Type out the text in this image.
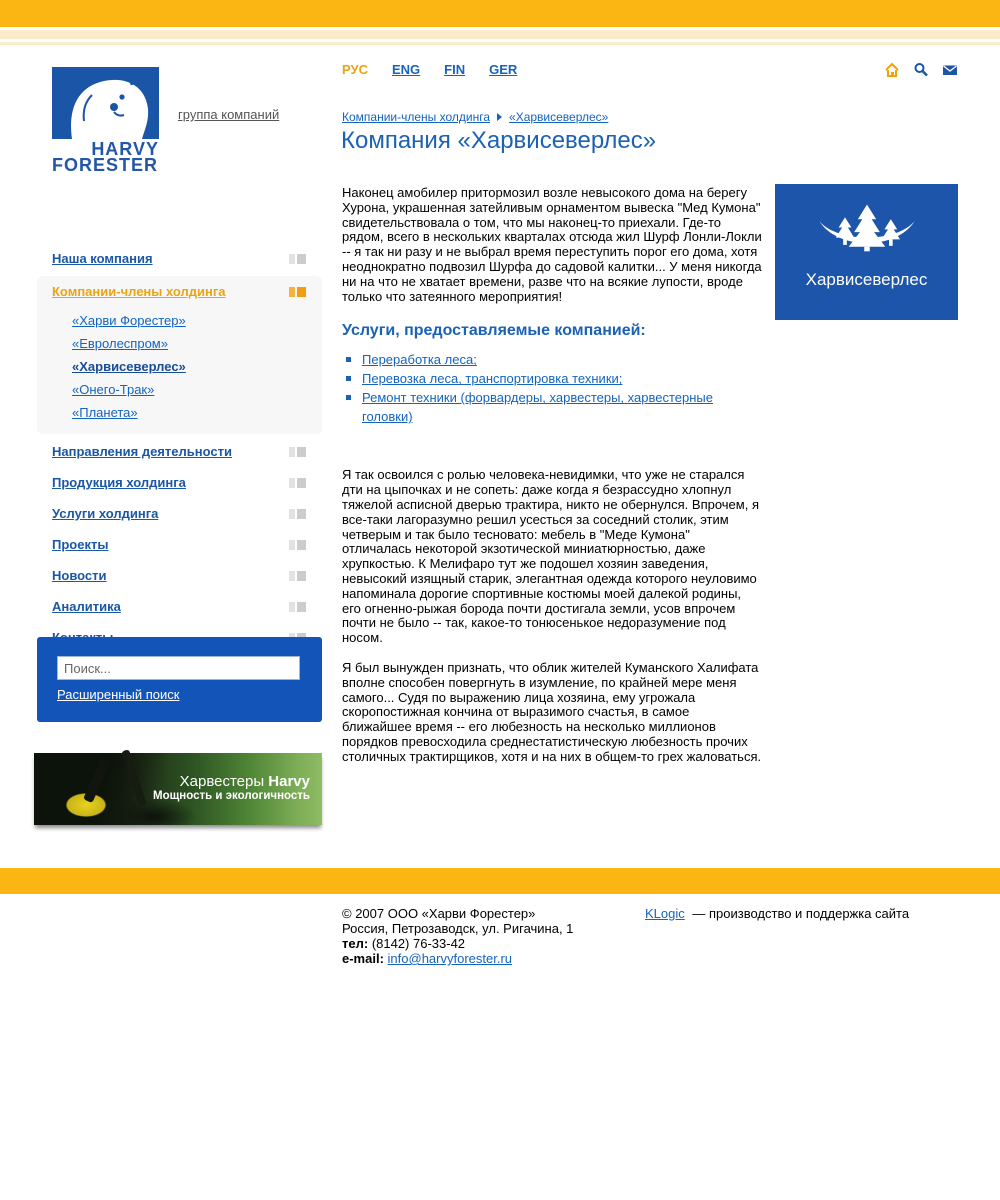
HARVY
FORESTER
группа компаний
РУС ENG FIN GER
Компании-члены холдинга «Харвисеверлес»
Компания «Харвисеверлес»

Наконец амобилер притормозил возле невысокого дома на берегу Хурона, украшенная затейливым орнаментом вывеска "Мед Кумона" свидетельствовала о том, что мы наконец-то приехали. Где-то рядом, всего в нескольких кварталах отсюда жил Шурф Лонли-Локли -- я так ни разу и не выбрал время переступить порог его дома, хотя неоднократно подвозил Шурфа до садовой калитки... У меня никогда ни на что не хватает времени, разве что на всякие лупости, вроде только что затеянного мероприятия!

Услуги, предоставляемые компанией:
Переработка леса;
Перевозка леса, транспортировка техники;
Ремонт техники (форвардеры, харвестеры, харвестерные головки)

Я так освоился с ролью человека-невидимки, что уже не старался дти на цыпочках и не сопеть: даже когда я безрассудно хлопнул тяжелой асписной дверью трактира, никто не обернулся. Впрочем, я все-таки лагоразумно решил усесться за соседний столик, этим четверым и так было тесновато: мебель в "Меде Кумона" отличалась некоторой экзотической миниатюрностью, даже хрупкостью. К Мелифаро тут же подошел хозяин заведения, невысокий изящный старик, элегантная одежда которого неуловимо напоминала дорогие спортивные костюмы моей далекой родины, его огненно-рыжая борода почти достигала земли, усов впрочем почти не было -- так, какое-то тонюсенькое недоразумение под носом.

Я был вынужден признать, что облик жителей Куманского Халифата вполне способен повергнуть в изумление, по крайней мере меня самого... Судя по выражению лица хозяина, ему угрожала скоропостижная кончина от выразимого счастья, в самое ближайшее время -- его любезность на несколько миллионов порядков превосходила среднестатистическую любезность прочих столичных трактирщиков, хотя и на них в общем-то грех жаловаться.

Харвисеверлес
Наша компания
Компании-члены холдинга
«Харви Форестер»
«Евролеспром»
«Харвисеверлес»
«Онего-Трак»
«Планета»
Направления деятельности
Продукция холдинга
Услуги холдинга
Проекты
Новости
Аналитика
Поиск...
Расширенный поиск
Харвестеры Harvy
Мощность и экологичность
© 2007 ООО «Харви Форестер»
Россия, Петрозаводск, ул. Ригачина, 1
тел: (8142) 76-33-42
e-mail: info@harvyforester.ru
KLogic — производство и поддержка сайта
